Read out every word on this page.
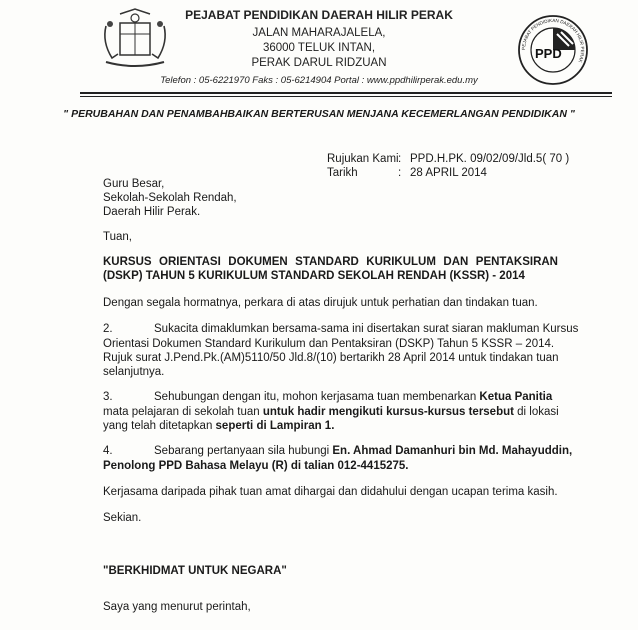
PEJABAT PENDIDIKAN DAERAH HILIR PERAK
JALAN MAHARAJALELA,
36000 TELUK INTAN,
PERAK DARUL RIDZUAN
Telefon : 05-6221970 Faks : 05-6214904 Portal : www.ppdhilirperak.edu.my
PPD
PEJABAT PENDIDIKAN DAERAH HILIR PERAK
" PERUBAHAN DAN PENAMBAHBAIKAN BERTERUSAN MENJANA KECEMERLANGAN PENDIDIKAN "
Rujukan Kami : PPD.H.PK. 09/02/09/Jld.5( 70 )
Tarikh	: 28 APRIL 2014
Guru Besar,
Sekolah-Sekolah Rendah,
Daerah Hilir Perak.
Tuan,
KURSUS ORIENTASI DOKUMEN STANDARD KURIKULUM DAN PENTAKSIRAN
(DSKP) TAHUN 5 KURIKULUM STANDARD SEKOLAH RENDAH (KSSR) - 2014
Dengan segala hormatnya, perkara di atas dirujuk untuk perhatian dan tindakan tuan.
2.	Sukacita dimaklumkan bersama-sama ini disertakan surat siaran makluman Kursus
Orientasi Dokumen Standard Kurikulum dan Pentaksiran (DSKP) Tahun 5 KSSR – 2014.
Rujuk surat J.Pend.Pk.(AM)5110/50 Jld.8/(10) bertarikh 28 April 2014 untuk tindakan tuan
selanjutnya.
3.	Sehubungan dengan itu, mohon kerjasama tuan membenarkan Ketua Panitia
mata pelajaran di sekolah tuan untuk hadir mengikuti kursus-kursus tersebut di lokasi
yang telah ditetapkan seperti di Lampiran 1.
4.	Sebarang pertanyaan sila hubungi En. Ahmad Damanhuri bin Md. Mahayuddin,
Penolong PPD Bahasa Melayu (R) di talian 012-4415275.
Kerjasama daripada pihak tuan amat dihargai dan didahului dengan ucapan terima kasih.
Sekian.
"BERKHIDMAT UNTUK NEGARA"
Saya yang menurut perintah,
